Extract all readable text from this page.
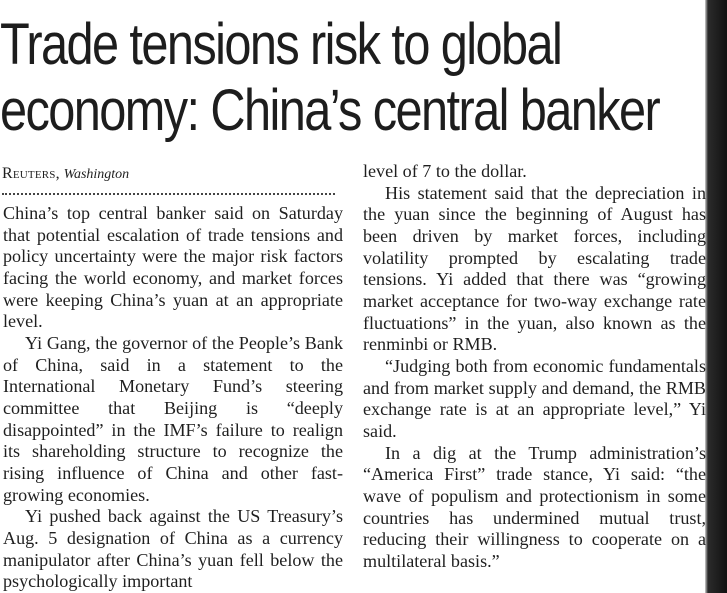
Trade tensions risk to global
economy: China’s central banker
Reuters, Washington

China’s top central banker said on Saturday that potential escalation of trade tensions and policy uncertainty were the major risk factors facing the world economy, and market forces were keeping China’s yuan at an appropriate level.

Yi Gang, the governor of the People’s Bank of China, said in a statement to the International Monetary Fund’s steering committee that Beijing is “deeply disappointed” in the IMF’s failure to realign its shareholding structure to recognize the rising influence of China and other fast-growing economies.

Yi pushed back against the US Treasury’s Aug. 5 designation of China as a currency manipulator after China’s yuan fell below the psychologically important

level of 7 to the dollar.

His statement said that the depreciation in the yuan since the beginning of August has been driven by market forces, including volatility prompted by escalating trade tensions. Yi added that there was “growing market acceptance for two-way exchange rate fluctuations” in the yuan, also known as the renminbi or RMB.

“Judging both from economic fundamentals and from market supply and demand, the RMB exchange rate is at an appropriate level,” Yi said.

In a dig at the Trump administration’s “America First” trade stance, Yi said: “the wave of populism and protectionism in some countries has undermined mutual trust, reducing their willingness to cooperate on a multilateral basis.”
